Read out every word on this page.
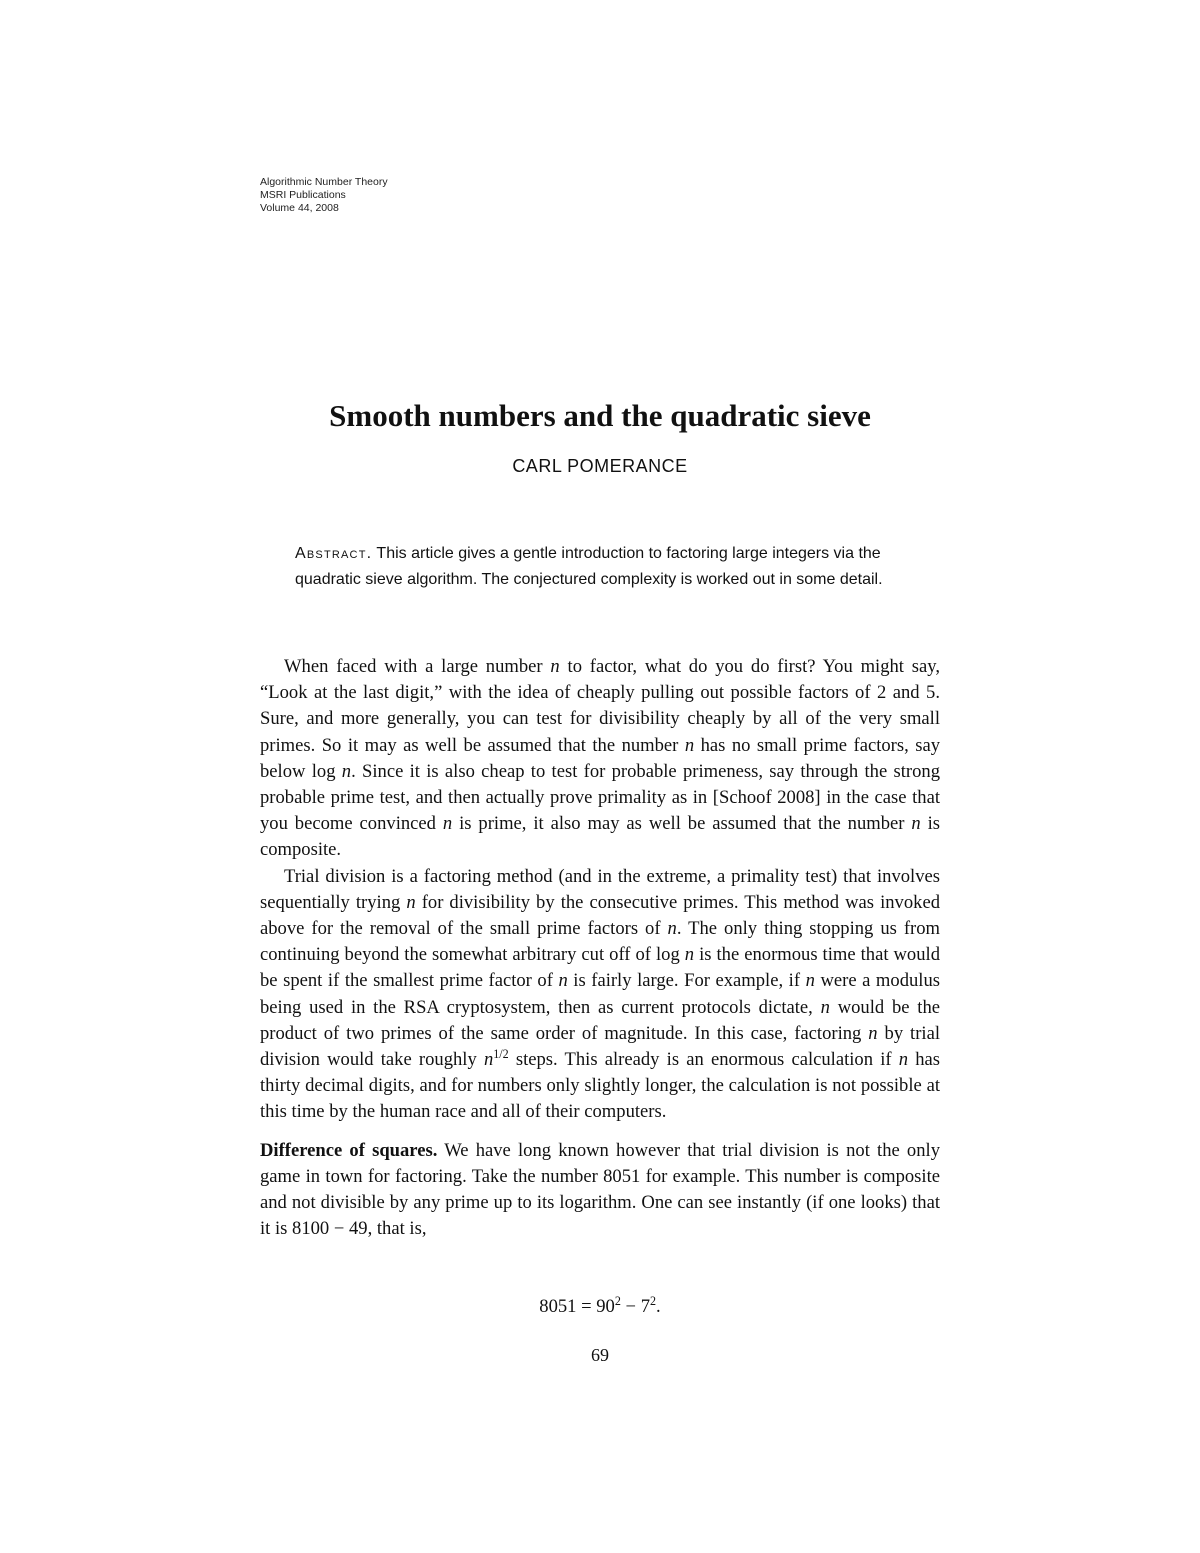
Algorithmic Number Theory
MSRI Publications
Volume 44, 2008
Smooth numbers and the quadratic sieve
CARL POMERANCE
Abstract. This article gives a gentle introduction to factoring large integers via the quadratic sieve algorithm. The conjectured complexity is worked out in some detail.

When faced with a large number n to factor, what do you do first? You might say, “Look at the last digit,” with the idea of cheaply pulling out possible factors of 2 and 5. Sure, and more generally, you can test for divisibility cheaply by all of the very small primes. So it may as well be assumed that the number n has no small prime factors, say below log n. Since it is also cheap to test for probable primeness, say through the strong probable prime test, and then actually prove primality as in [Schoof 2008] in the case that you become convinced n is prime, it also may as well be assumed that the number n is composite.

Trial division is a factoring method (and in the extreme, a primality test) that involves sequentially trying n for divisibility by the consecutive primes. This method was invoked above for the removal of the small prime factors of n. The only thing stopping us from continuing beyond the somewhat arbitrary cut off of log n is the enormous time that would be spent if the smallest prime factor of n is fairly large. For example, if n were a modulus being used in the RSA cryptosystem, then as current protocols dictate, n would be the product of two primes of the same order of magnitude. In this case, factoring n by trial division would take roughly $n^{1/2}$ steps. This already is an enormous calculation if n has thirty decimal digits, and for numbers only slightly longer, the calculation is not possible at this time by the human race and all of their computers.

Difference of squares. We have long known however that trial division is not the only game in town for factoring. Take the number 8051 for example. This number is composite and not divisible by any prime up to its logarithm. One can see instantly (if one looks) that it is 8100 − 49, that is,

$8051 = 90^2 - 7^2$.
69
